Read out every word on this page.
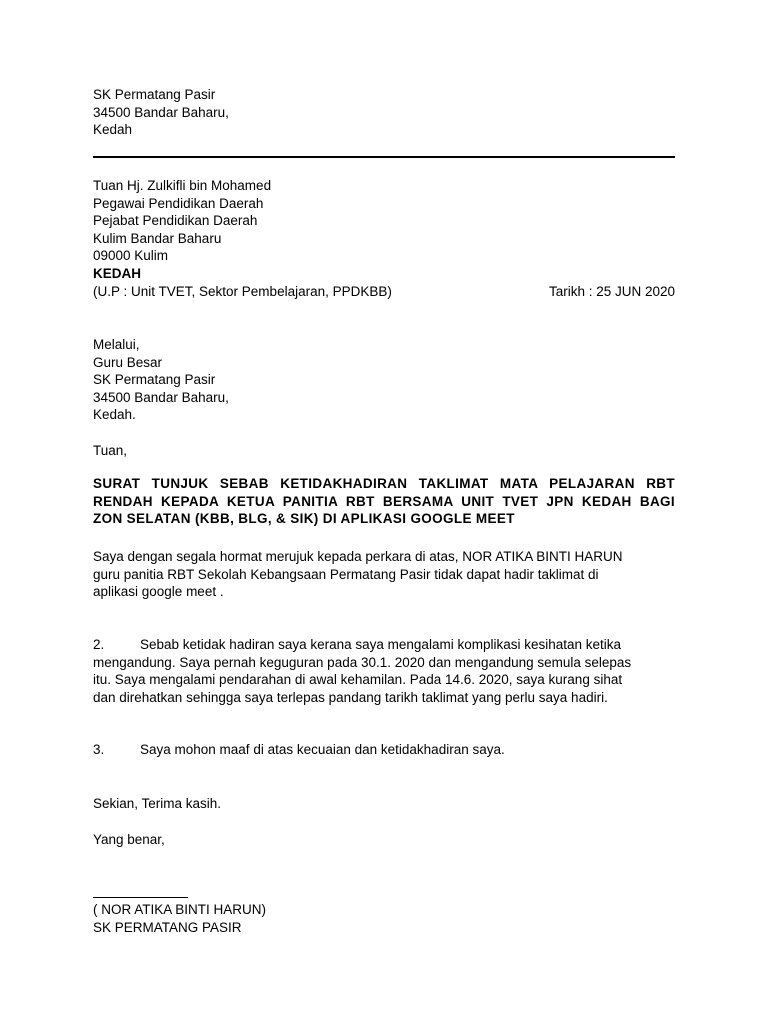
SK Permatang Pasir
34500 Bandar Baharu,
Kedah
Tuan Hj. Zulkifli bin Mohamed
Pegawai Pendidikan Daerah
Pejabat Pendidikan Daerah
Kulim Bandar Baharu
09000 Kulim
KEDAH
(U.P : Unit TVET, Sektor Pembelajaran, PPDKBB)	Tarikh : 25 JUN 2020
Melalui,
Guru Besar
SK Permatang Pasir
34500 Bandar Baharu,
Kedah.
Tuan,
SURAT TUNJUK SEBAB KETIDAKHADIRAN TAKLIMAT MATA PELAJARAN RBT
RENDAH KEPADA KETUA PANITIA RBT BERSAMA UNIT TVET JPN KEDAH BAGI
ZON SELATAN (KBB, BLG, & SIK) DI APLIKASI GOOGLE MEET
Saya dengan segala hormat merujuk kepada perkara di atas, NOR ATIKA BINTI HARUN
guru panitia RBT Sekolah Kebangsaan Permatang Pasir tidak dapat hadir taklimat di
aplikasi google meet .
2.	Sebab ketidak hadiran saya kerana saya mengalami komplikasi kesihatan ketika
mengandung. Saya pernah keguguran pada 30.1. 2020 dan mengandung semula selepas
itu. Saya mengalami pendarahan di awal kehamilan. Pada 14.6. 2020, saya kurang sihat
dan direhatkan sehingga saya terlepas pandang tarikh taklimat yang perlu saya hadiri.
3.	Saya mohon maaf di atas kecuaian dan ketidakhadiran saya.
Sekian, Terima kasih.
Yang benar,
( NOR ATIKA BINTI HARUN)
SK PERMATANG PASIR
